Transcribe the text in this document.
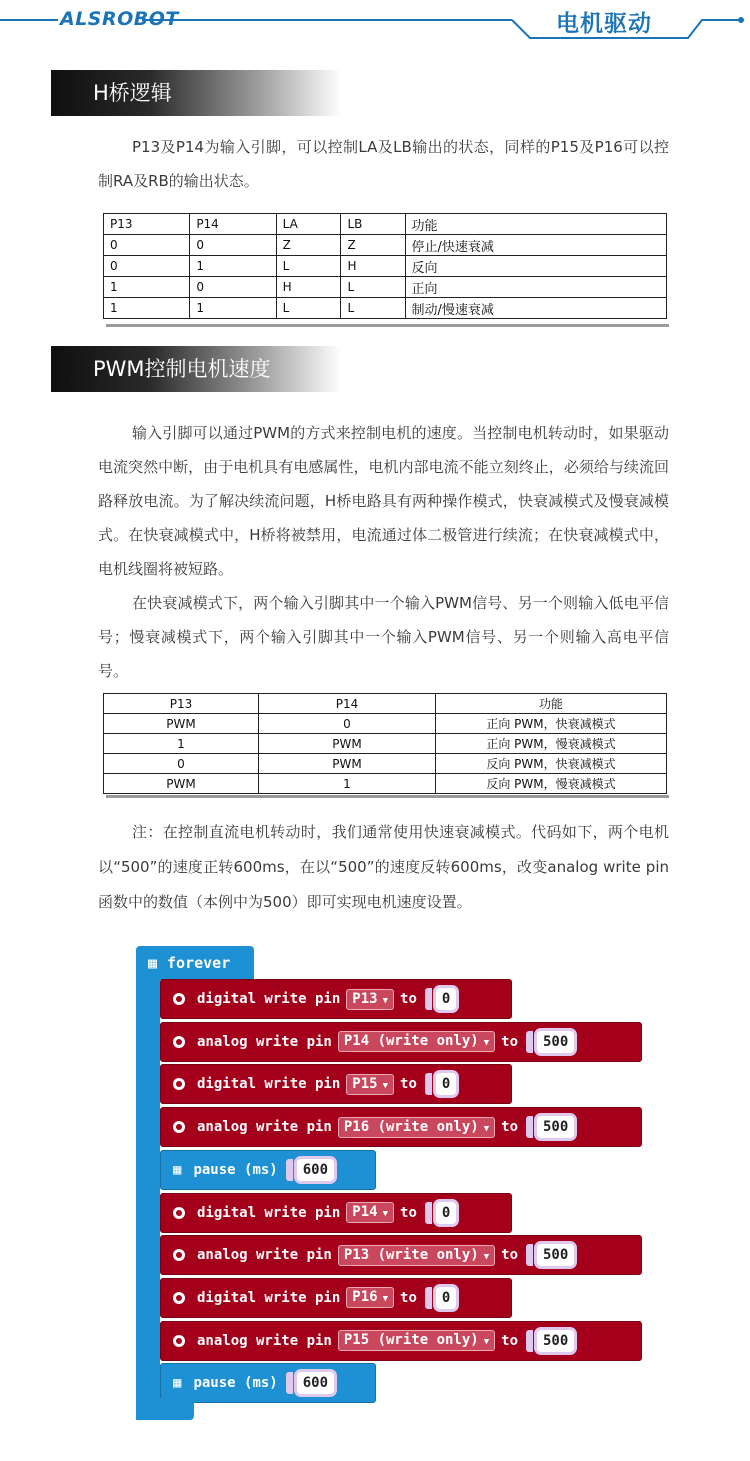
ALSROBOT	电机驱动
H桥逻辑

P13及P14为输入引脚，可以控制LA及LB输出的状态，同样的P15及P16可以控制RA及RB的输出状态。

P13	P14	LA	LB	功能
0	0	Z	Z	停止/快速衰减
0	1	L	H	反向
1	0	H	L	正向
1	1	L	L	制动/慢速衰减
PWM控制电机速度

输入引脚可以通过PWM的方式来控制电机的速度。当控制电机转动时，如果驱动电流突然中断，由于电机具有电感属性，电机内部电流不能立刻终止，必须给与续流回路释放电流。为了解决续流问题，H桥电路具有两种操作模式，快衰减模式及慢衰减模式。在快衰减模式中，H桥将被禁用，电流通过体二极管进行续流；在快衰减模式中，电机线圈将被短路。

在快衰减模式下，两个输入引脚其中一个输入PWM信号、另一个则输入低电平信号；慢衰减模式下，两个输入引脚其中一个输入PWM信号、另一个则输入高电平信号。

P13	P14	功能
PWM	0	正向 PWM，快衰减模式
1	PWM	正向 PWM，慢衰减模式
0	PWM	反向 PWM，快衰减模式
PWM	1	反向 PWM，慢衰减模式

注：在控制直流电机转动时，我们通常使用快速衰减模式。代码如下，两个电机以“500”的速度正转600ms，在以“500”的速度反转600ms，改变analog write pin函数中的数值（本例中为500）即可实现电机速度设置。

▦ forever
digital write pin P13 ▼ to	0
analog write pin P14 (write only) ▼ to	500
digital write pin P15 ▼ to	0
analog write pin P16 (write only) ▼ to	500
▦ pause (ms)	600
digital write pin P14 ▼ to	0
analog write pin P13 (write only) ▼ to	500
digital write pin P16 ▼ to	0
analog write pin P15 (write only) ▼ to	500
▦ pause (ms)	600
